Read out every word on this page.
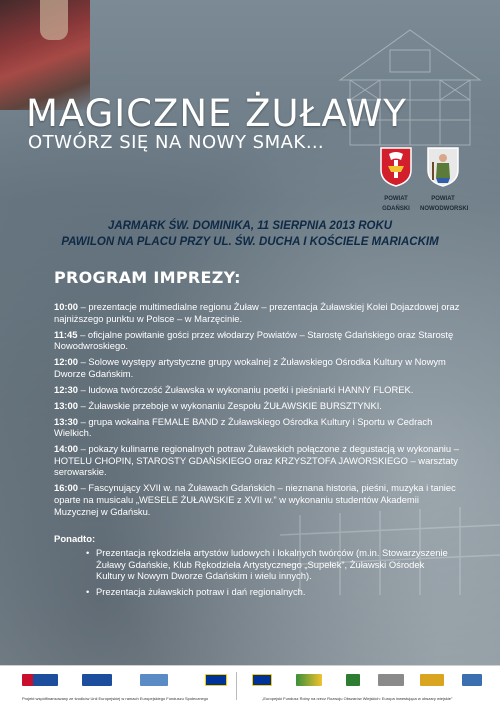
MAGICZNE ŻUŁAWY
OTWÓRZ SIĘ NA NOWY SMAK…
POWIAT
GDAŃSKI
POWIAT
NOWODWORSKI
JARMARK ŚW. DOMINIKA, 11 SIERPNIA 2013 ROKU
PAWILON NA PLACU PRZY UL. ŚW. DUCHA I KOŚCIELE MARIACKIM
PROGRAM IMPREZY:
10:00 – prezentacje multimedialne regionu Żuław – prezentacja Żuławskiej Kolei Dojazdowej oraz najniższego punktu w Polsce – w Marzęcinie.
11:45 – oficjalne powitanie gości przez włodarzy Powiatów – Starostę Gdańskiego oraz Starostę Nowodwroskiego.
12:00 – Solowe występy artystyczne grupy wokalnej z Żuławskiego Ośrodka Kultury w Nowym Dworze Gdańskim.
12:30 – ludowa twórczość Żuławska w wykonaniu poetki i pieśniarki HANNY FLOREK.
13:00 – Żuławskie przeboje w wykonaniu Zespołu ŻUŁAWSKIE BURSZTYNKI.
13:30 – grupa wokalna FEMALE BAND z Żuławskiego Ośrodka Kultury i Sportu w Cedrach Wielkich.
14:00 – pokazy kulinarne regionalnych potraw Żuławskich połączone z degustacją w wykonaniu – HOTELU CHOPIN, STAROSTY GDAŃSKIEGO oraz KRZYSZTOFA JAWORSKIEGO – warsztaty serowarskie.
16:00 – Fascynujący XVII w. na Żuławach Gdańskich – nieznana historia, pieśni, muzyka i taniec oparte na musicalu „WESELE ŻUŁAWSKIE z XVII w.” w wykonaniu studentów Akademii Muzycznej w Gdańsku.
Ponadto:
• Prezentacja rękodzieła artystów ludowych i lokalnych twórców (m.in. Stowarzyszenie Żuławy Gdańskie, Klub Rękodzieła Artystycznego „Supełek”, Żuławski Ośrodek Kultury w Nowym Dworze Gdańskim i wielu innych).
• Prezentacja żuławskich potraw i dań regionalnych.
Projekt współfinansowany ze środków Unii Europejskiej w ramach Europejskiego Funduszu Społecznego	„Europejski Fundusz Rolny na rzecz Rozwoju Obszarów Wiejskich: Europa inwestująca w obszary wiejskie”
